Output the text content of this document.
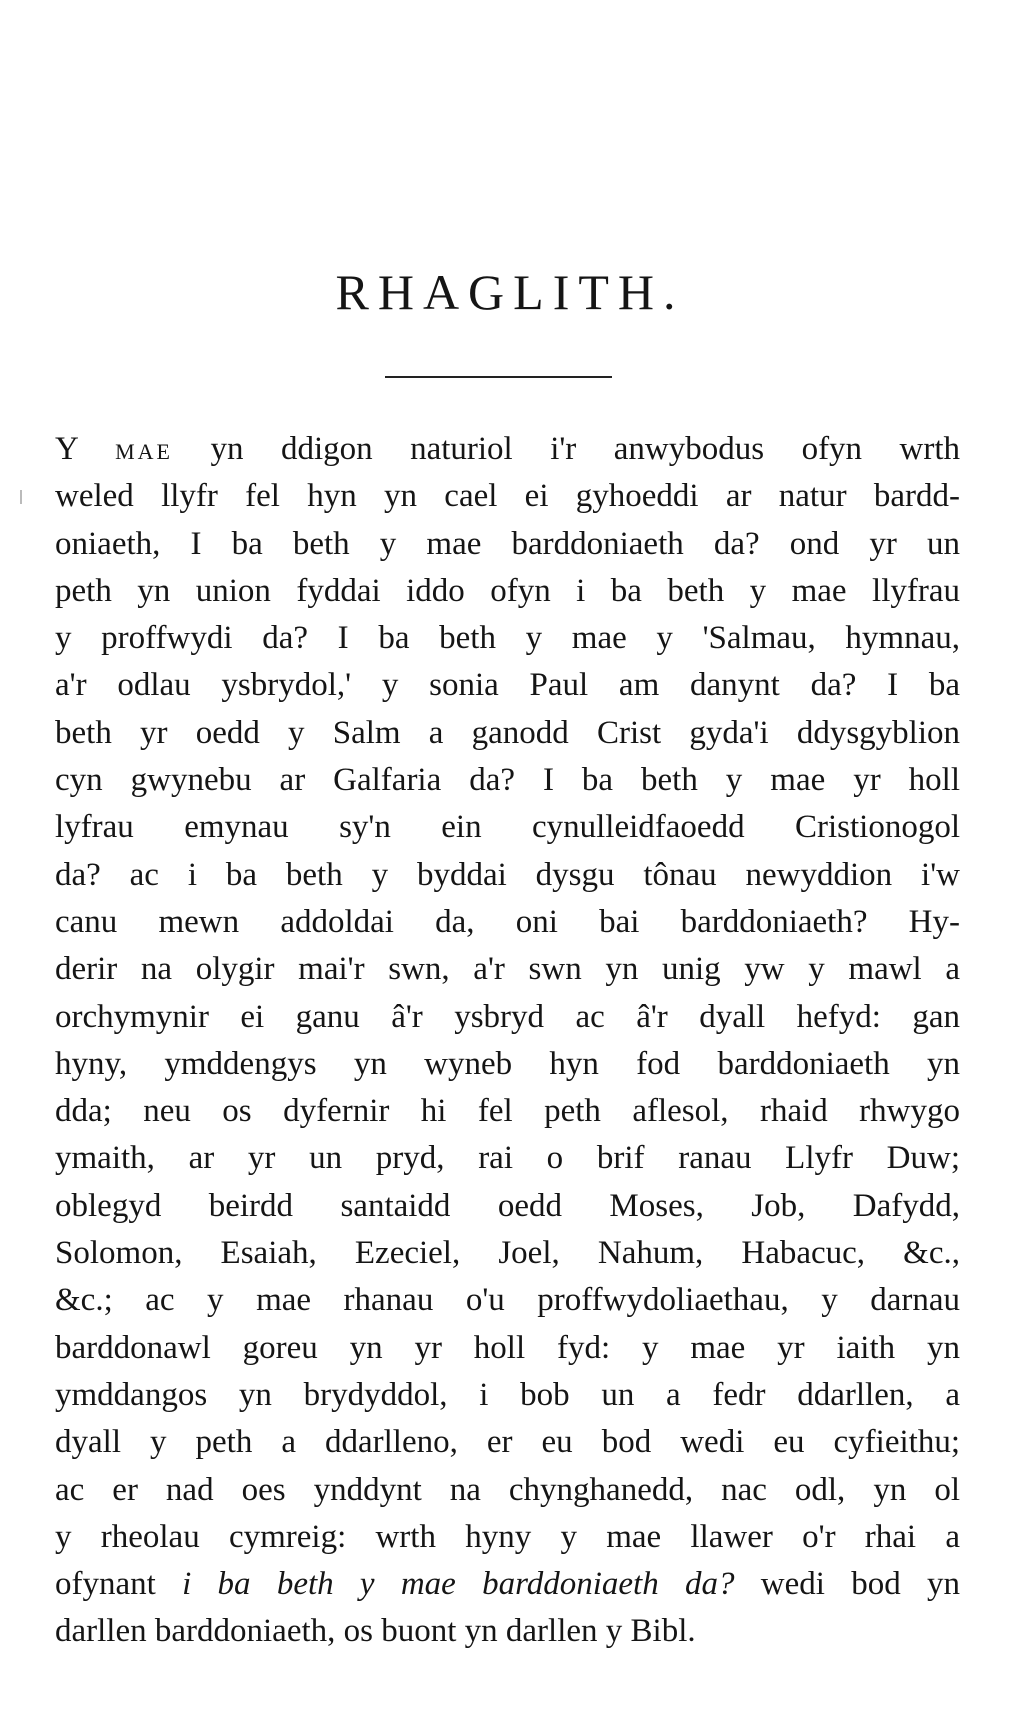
RHAGLITH.
Y MAE yn ddigon naturiol i'r anwybodus ofyn wrth
weled llyfr fel hyn yn cael ei gyhoeddi ar natur bardd-
oniaeth, I ba beth y mae barddoniaeth da? ond yr un
peth yn union fyddai iddo ofyn i ba beth y mae llyfrau
y proffwydi da? I ba beth y mae y 'Salmau, hymnau,
a'r odlau ysbrydol,' y sonia Paul am danynt da? I ba
beth yr oedd y Salm a ganodd Crist gyda'i ddysgyblion
cyn gwynebu ar Galfaria da? I ba beth y mae yr holl
lyfrau emynau sy'n ein cynulleidfaoedd Cristionogol
da? ac i ba beth y byddai dysgu tônau newyddion i'w
canu mewn addoldai da, oni bai barddoniaeth? Hy-
derir na olygir mai'r swn, a'r swn yn unig yw y mawl a
orchymynir ei ganu â'r ysbryd ac â'r dyall hefyd: gan
hyny, ymddengys yn wyneb hyn fod barddoniaeth yn
dda; neu os dyfernir hi fel peth aflesol, rhaid rhwygo
ymaith, ar yr un pryd, rai o brif ranau Llyfr Duw;
oblegyd beirdd santaidd oedd Moses, Job, Dafydd,
Solomon, Esaiah, Ezeciel, Joel, Nahum, Habacuc, &c.,
&c.; ac y mae rhanau o'u proffwydoliaethau, y darnau
barddonawl goreu yn yr holl fyd: y mae yr iaith yn
ymddangos yn brydyddol, i bob un a fedr ddarllen, a
dyall y peth a ddarlleno, er eu bod wedi eu cyfieithu;
ac er nad oes ynddynt na chynghanedd, nac odl, yn ol
y rheolau cymreig: wrth hyny y mae llawer o'r rhai a
ofynant i ba beth y mae barddoniaeth da? wedi bod yn
darllen barddoniaeth, os buont yn darllen y Bibl.
